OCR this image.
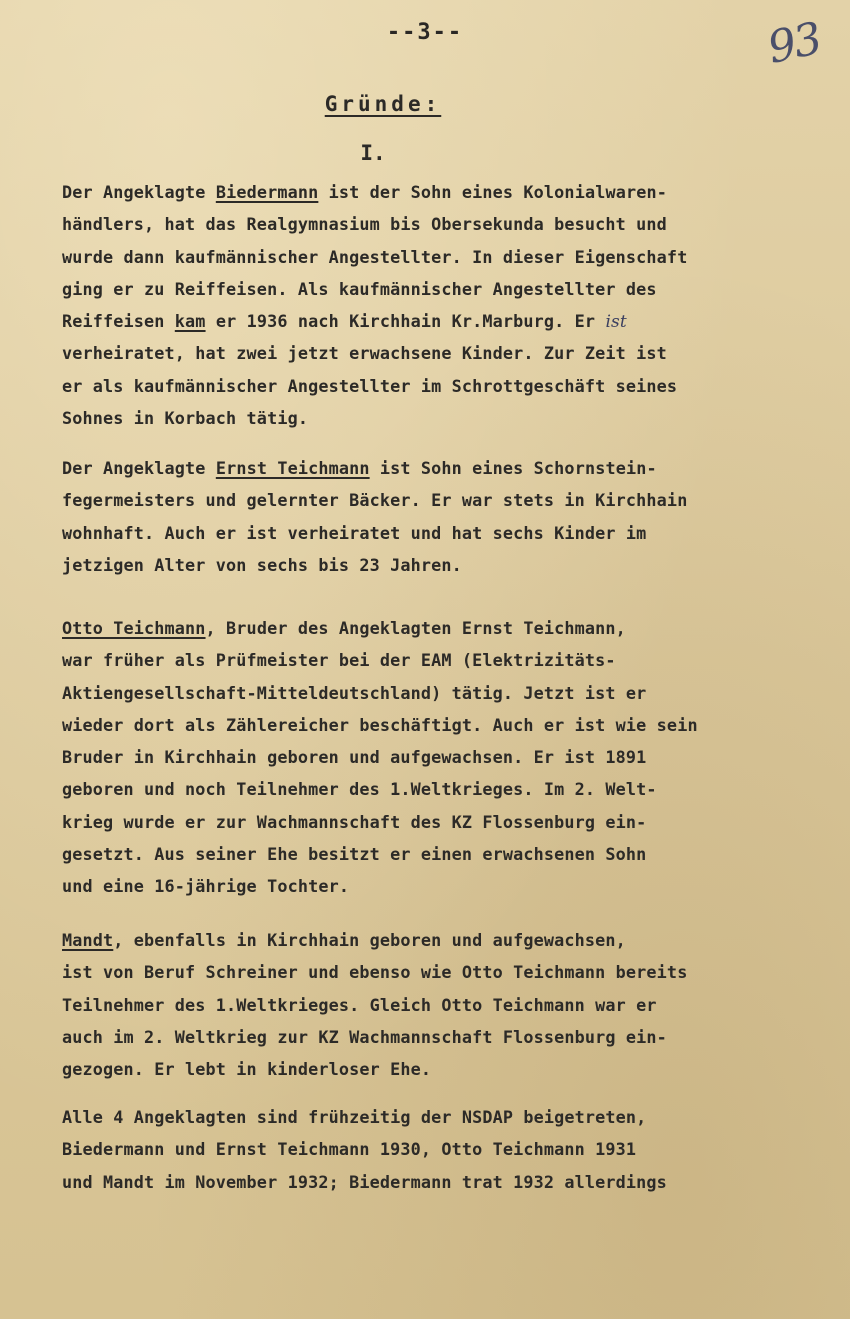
--3--	93
Gründe:
I.
Der Angeklagte Biedermann ist der Sohn eines Kolonialwaren-
händlers, hat das Realgymnasium bis Obersekunda besucht und
wurde dann kaufmännischer Angestellter. In dieser Eigenschaft
ging er zu Reiffeisen. Als kaufmännischer Angestellter des
Reiffeisen kam er 1936 nach Kirchhain Kr.Marburg. Er ist
verheiratet, hat zwei jetzt erwachsene Kinder. Zur Zeit ist
er als kaufmännischer Angestellter im Schrottgeschäft seines
Sohnes in Korbach tätig.
Der Angeklagte Ernst Teichmann ist Sohn eines Schornstein-
fegermeisters und gelernter Bäcker. Er war stets in Kirchhain
wohnhaft. Auch er ist verheiratet und hat sechs Kinder im
jetzigen Alter von sechs bis 23 Jahren.
Otto Teichmann, Bruder des Angeklagten Ernst Teichmann,
war früher als Prüfmeister bei der EAM (Elektrizitäts-
Aktiengesellschaft-Mitteldeutschland) tätig. Jetzt ist er
wieder dort als Zählereicher beschäftigt. Auch er ist wie sein
Bruder in Kirchhain geboren und aufgewachsen. Er ist 1891
geboren und noch Teilnehmer des 1.Weltkrieges. Im 2. Welt-
krieg wurde er zur Wachmannschaft des KZ Flossenburg ein-
gesetzt. Aus seiner Ehe besitzt er einen erwachsenen Sohn
und eine 16-jährige Tochter.
Mandt, ebenfalls in Kirchhain geboren und aufgewachsen,
ist von Beruf Schreiner und ebenso wie Otto Teichmann bereits
Teilnehmer des 1.Weltkrieges. Gleich Otto Teichmann war er
auch im 2. Weltkrieg zur KZ Wachmannschaft Flossenburg ein-
gezogen. Er lebt in kinderloser Ehe.
Alle 4 Angeklagten sind frühzeitig der NSDAP beigetreten,
Biedermann und Ernst Teichmann 1930, Otto Teichmann 1931
und Mandt im November 1932; Biedermann trat 1932 allerdings
